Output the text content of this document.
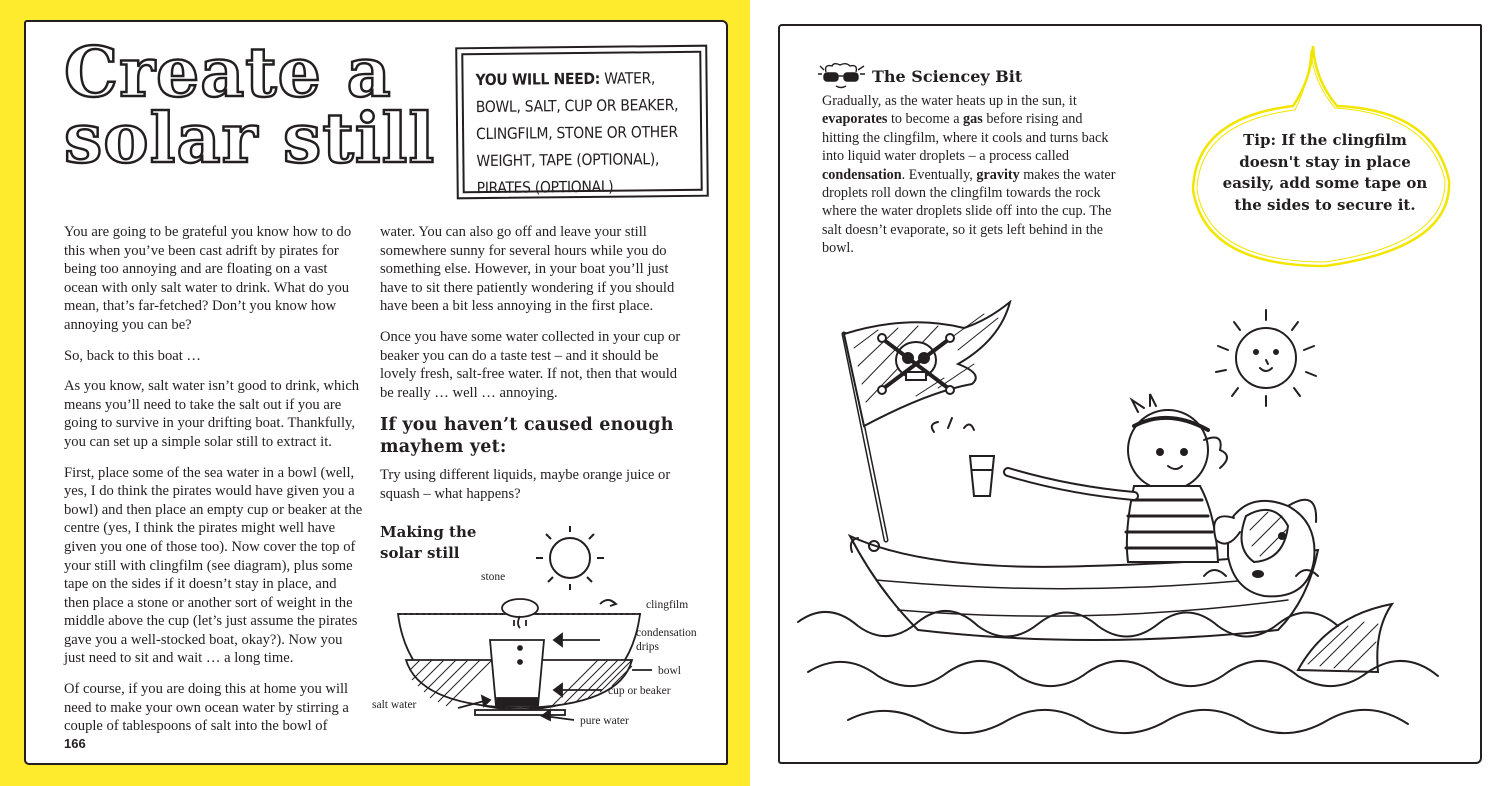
Create a
solar still
YOU WILL NEED: WATER, BOWL, SALT, CUP OR BEAKER, CLINGFILM, STONE OR OTHER WEIGHT, TAPE (OPTIONAL), PIRATES (OPTIONAL)

You are going to be grateful you know how to do this when you’ve been cast adrift by pirates for being too annoying and are floating on a vast ocean with only salt water to drink. What do you mean, that’s far-fetched? Don’t you know how annoying you can be?

So, back to this boat …

As you know, salt water isn’t good to drink, which means you’ll need to take the salt out if you are going to survive in your drifting boat. Thankfully, you can set up a simple solar still to extract it.

First, place some of the sea water in a bowl (well, yes, I do think the pirates would have given you a bowl) and then place an empty cup or beaker at the centre (yes, I think the pirates might well have given you one of those too). Now cover the top of your still with clingfilm (see diagram), plus some tape on the sides if it doesn’t stay in place, and then place a stone or another sort of weight in the middle above the cup (let’s just assume the pirates gave you a well-stocked boat, okay?). Now you just need to sit and wait … a long time.

Of course, if you are doing this at home you will need to make your own ocean water by stirring a couple of tablespoons of salt into the bowl of

water. You can also go off and leave your still somewhere sunny for several hours while you do something else. However, in your boat you’ll just have to sit there patiently wondering if you should have been a bit less annoying in the first place.

Once you have some water collected in your cup or beaker you can do a taste test – and it should be lovely fresh, salt-free water. If not, then that would be really … well … annoying.

If you haven’t caused enough mayhem yet:

Try using different liquids, maybe orange juice or squash – what happens?

Making the solar still
stone
clingfilm
condensation drips
bowl
cup or beaker
salt water
pure water
166
The Sciencey Bit
Gradually, as the water heats up in the sun, it evaporates to become a gas before rising and hitting the clingfilm, where it cools and turns back into liquid water droplets – a process called condensation. Eventually, gravity makes the water droplets roll down the clingfilm towards the rock where the water droplets slide off into the cup. The salt doesn’t evaporate, so it gets left behind in the bowl.
Tip: If the clingfilm doesn't stay in place easily, add some tape on the sides to secure it.
